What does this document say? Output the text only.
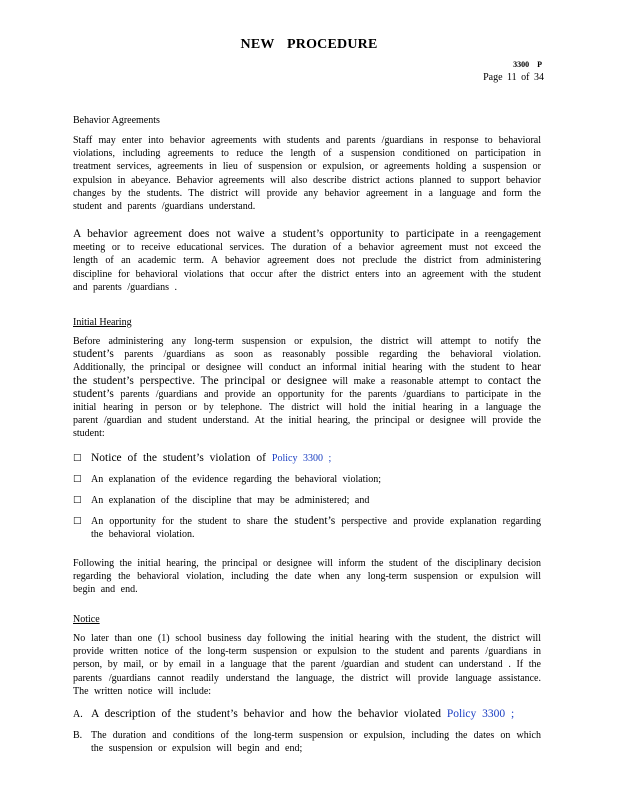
NEW PROCEDURE
3300 P
Page 11 of 34
Behavior Agreements
Staff may enter into behavior agreements with students and parents /guardians in response to behavioral violations, including agreements to reduce the length of a suspension conditioned on participation in treatment services, agreements in lieu of suspension or expulsion, or agreements holding a suspension or expulsion in abeyance. Behavior agreements will also describe district actions planned to support behavior changes by the students. The district will provide any behavior agreement in a language and form the student and parents /guardians understand.
A behavior agreement does not waive a student’s opportunity to participate in a reengagement meeting or to receive educational services. The duration of a behavior agreement must not exceed the length of an academic term. A behavior agreement does not preclude the district from administering discipline for behavioral violations that occur after the district enters into an agreement with the student and parents /guardians .
Initial Hearing
Before administering any long-term suspension or expulsion, the district will attempt to notify the student’s parents /guardians as soon as reasonably possible regarding the behavioral violation. Additionally, the principal or designee will conduct an informal initial hearing with the student to hear the student’s perspective. The principal or designee will make a reasonable attempt to contact the student’s parents /guardians and provide an opportunity for the parents /guardians to participate in the initial hearing in person or by telephone. The district will hold the initial hearing in a language the parent /guardian and student understand. At the initial hearing, the principal or designee will provide the student:
□ Notice of the student’s violation of Policy 3300 ;
□ An explanation of the evidence regarding the behavioral violation;
□ An explanation of the discipline that may be administered; and
□ An opportunity for the student to share the student’s perspective and provide explanation regarding the behavioral violation.
Following the initial hearing, the principal or designee will inform the student of the disciplinary decision regarding the behavioral violation, including the date when any long-term suspension or expulsion will begin and end.
Notice
No later than one (1) school business day following the initial hearing with the student, the district will provide written notice of the long-term suspension or expulsion to the student and parents /guardians in person, by mail, or by email in a language that the parent /guardian and student can understand . If the parents /guardians cannot readily understand the language, the district will provide language assistance. The written notice will include:
A. A description of the student’s behavior and how the behavior violated Policy 3300 ;
B. The duration and conditions of the long-term suspension or expulsion, including the dates on which the suspension or expulsion will begin and end;
